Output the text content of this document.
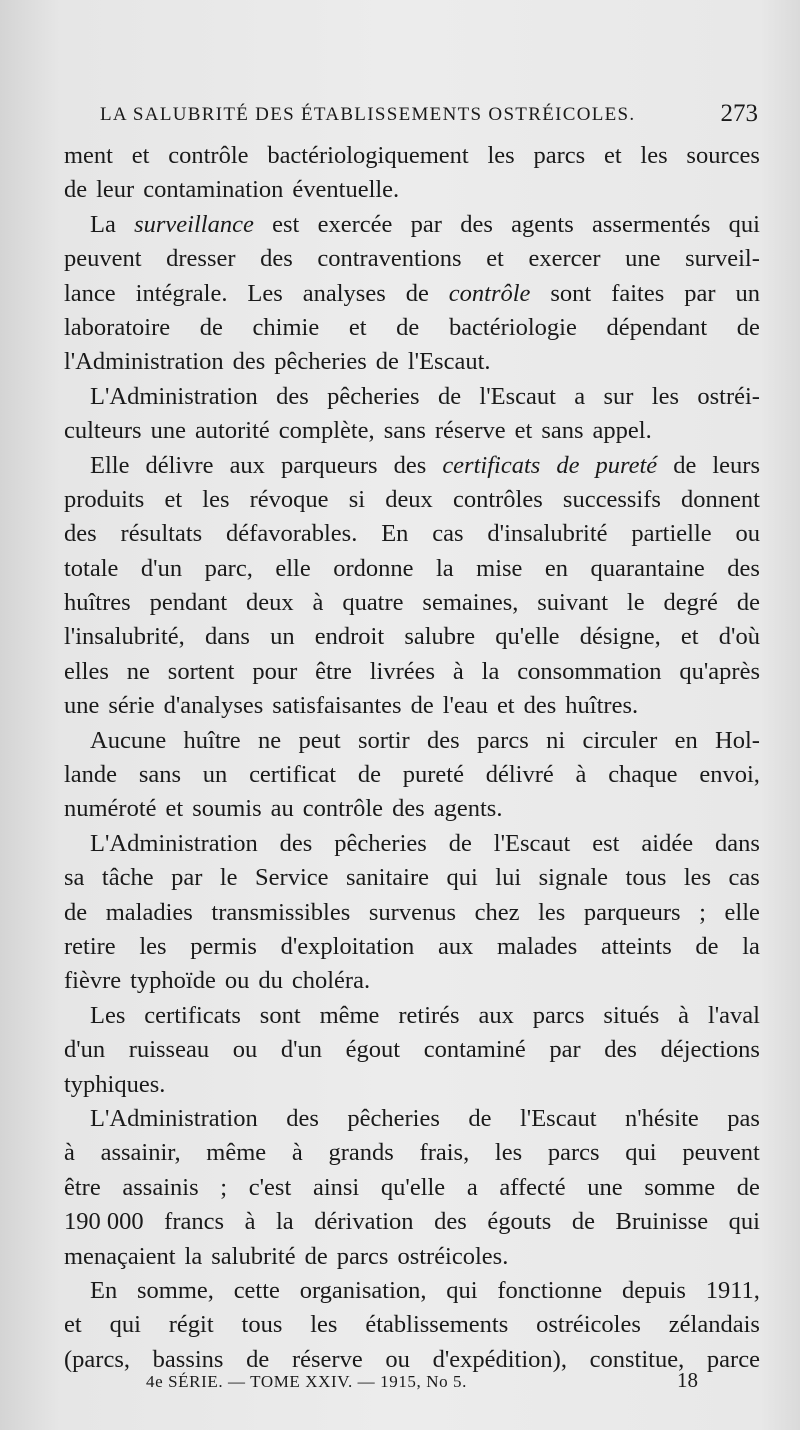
LA SALUBRITÉ DES ÉTABLISSEMENTS OSTRÉICOLES.	273
ment et contrôle bactériologiquement les parcs et les sources
de leur contamination éventuelle.
La surveillance est exercée par des agents assermentés qui
peuvent dresser des contraventions et exercer une surveil-
lance intégrale. Les analyses de contrôle sont faites par un
laboratoire de chimie et de bactériologie dépendant de
l'Administration des pêcheries de l'Escaut.
L'Administration des pêcheries de l'Escaut a sur les ostréi-
culteurs une autorité complète, sans réserve et sans appel.
Elle délivre aux parqueurs des certificats de pureté de leurs
produits et les révoque si deux contrôles successifs donnent
des résultats défavorables. En cas d'insalubrité partielle ou
totale d'un parc, elle ordonne la mise en quarantaine des
huîtres pendant deux à quatre semaines, suivant le degré de
l'insalubrité, dans un endroit salubre qu'elle désigne, et d'où
elles ne sortent pour être livrées à la consommation qu'après
une série d'analyses satisfaisantes de l'eau et des huîtres.
Aucune huître ne peut sortir des parcs ni circuler en Hol-
lande sans un certificat de pureté délivré à chaque envoi,
numéroté et soumis au contrôle des agents.
L'Administration des pêcheries de l'Escaut est aidée dans
sa tâche par le Service sanitaire qui lui signale tous les cas
de maladies transmissibles survenus chez les parqueurs ; elle
retire les permis d'exploitation aux malades atteints de la
fièvre typhoïde ou du choléra.
Les certificats sont même retirés aux parcs situés à l'aval
d'un ruisseau ou d'un égout contaminé par des déjections
typhiques.
L'Administration des pêcheries de l'Escaut n'hésite pas
à assainir, même à grands frais, les parcs qui peuvent
être assainis ; c'est ainsi qu'elle a affecté une somme de
190 000 francs à la dérivation des égouts de Bruinisse qui
menaçaient la salubrité de parcs ostréicoles.
En somme, cette organisation, qui fonctionne depuis 1911,
et qui régit tous les établissements ostréicoles zélandais
(parcs, bassins de réserve ou d'expédition), constitue, parce
4e SÉRIE. — TOME XXIV. — 1915, No 5.	18
